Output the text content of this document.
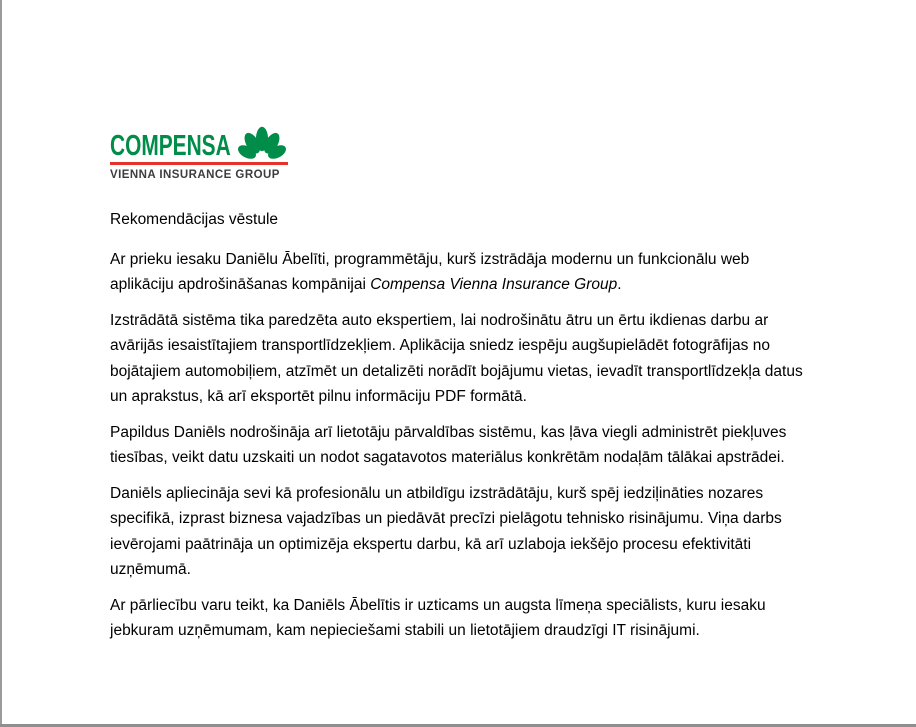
COMPENSA
VIENNA INSURANCE GROUP

Rekomendācijas vēstule

Ar prieku iesaku Daniēlu Ābelīti, programmētāju, kurš izstrādāja modernu un funkcionālu web aplikāciju apdrošināšanas kompānijai Compensa Vienna Insurance Group.

Izstrādātā sistēma tika paredzēta auto ekspertiem, lai nodrošinātu ātru un ērtu ikdienas darbu ar avārijās iesaistītajiem transportlīdzekļiem. Aplikācija sniedz iespēju augšupielādēt fotogrāfijas no bojātajiem automobiļiem, atzīmēt un detalizēti norādīt bojājumu vietas, ievadīt transportlīdzekļa datus un aprakstus, kā arī eksportēt pilnu informāciju PDF formātā.

Papildus Daniēls nodrošināja arī lietotāju pārvaldības sistēmu, kas ļāva viegli administrēt piekļuves tiesības, veikt datu uzskaiti un nodot sagatavotos materiālus konkrētām nodaļām tālākai apstrādei.

Daniēls apliecināja sevi kā profesionālu un atbildīgu izstrādātāju, kurš spēj iedziļināties nozares specifikā, izprast biznesa vajadzības un piedāvāt precīzi pielāgotu tehnisko risinājumu. Viņa darbs ievērojami paātrināja un optimizēja ekspertu darbu, kā arī uzlaboja iekšējo procesu efektivitāti uzņēmumā.

Ar pārliecību varu teikt, ka Daniēls Ābelītis ir uzticams un augsta līmeņa speciālists, kuru iesaku jebkuram uzņēmumam, kam nepieciešami stabili un lietotājiem draudzīgi IT risinājumi.
